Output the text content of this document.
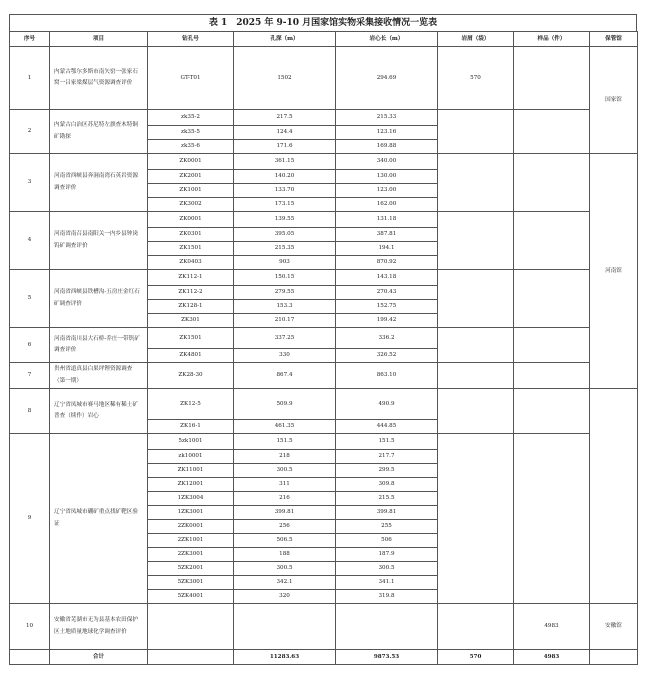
表 1　2025 年 9-10 月国家馆实物采集接收情况一览表
序号	项目	钻孔号	孔深（m）	岩心长（m）	岩屑（袋）	样品（件）	保管馆	
1	内蒙古鄂尔多斯市南矢窑一张家石窝一吕家梁煤层气资源调查评价	GT-T01	1502	294.69	570		国家馆	
2	内蒙古白治区苏尼特左旗查木特铜矿勘探	zk35-2	217.5	215.33				
		zk35-5	124.4	123.16				
		zk35-6	171.6	169.88				
3	河南省西峡县奔洞南湾石英岩资源调查评价	ZK0001	361.15	340.00			河南馆	
		ZK2001	140.20	130.00				
		ZK1001	133.70	123.00				
		ZK3002	173.15	162.00				
4	河南省南召县南阳关一内乡县钟岗钨矿调查评价	ZK0001	139.55	131.18				
		ZK0301	395.05	387.81				
		ZK1501	215.35	194.1				
		ZK0403	903	870.92				
5	河南省西峡县铁槽沟-五房庄金红石矿调查评价	ZK112-1	150.15	143.18				
		ZK112-2	279.55	270.43				
		ZK128-1	153.3	152.75				
		ZK301	210.17	199.42				
6	河南省南川县大石桥-乔庄一带钒矿调查评价	ZK1501	337.25	336.2				
		ZK4801	330	326.52				
7	贵州省道真县白果坪锂资源调查（第一期）	ZK28-30	867.4	863.10			
8	辽宁省凤城市赛马地区稀有稀土矿普查（续作）岩心	ZK12-5	509.9	490.9				
		ZK16-1	461.35	444.85				
9	辽宁省凤城市硼矿重点找矿靶区验证	5zk1001	151.5	151.5				
		zk10001	218	217.7				
		ZK11001	300.5	299.5				
		ZK12001	311	309.8				
		1ZK3004	216	215.5				
		1ZK3001	399.81	399.81				
		2ZK0001	256	255				
		2ZK1001	506.5	506				
		2ZK3001	188	187.9				
		5ZK2001	300.5	300.5				
		5ZK3001	342.1	341.1				
		5ZK4001	320	319.8				
10	安徽省芜湖市无为县基本农田保护区土地质量地球化学调查评价					4983	安徽馆	
	合计		11283.63	9873.53	570	4983		
